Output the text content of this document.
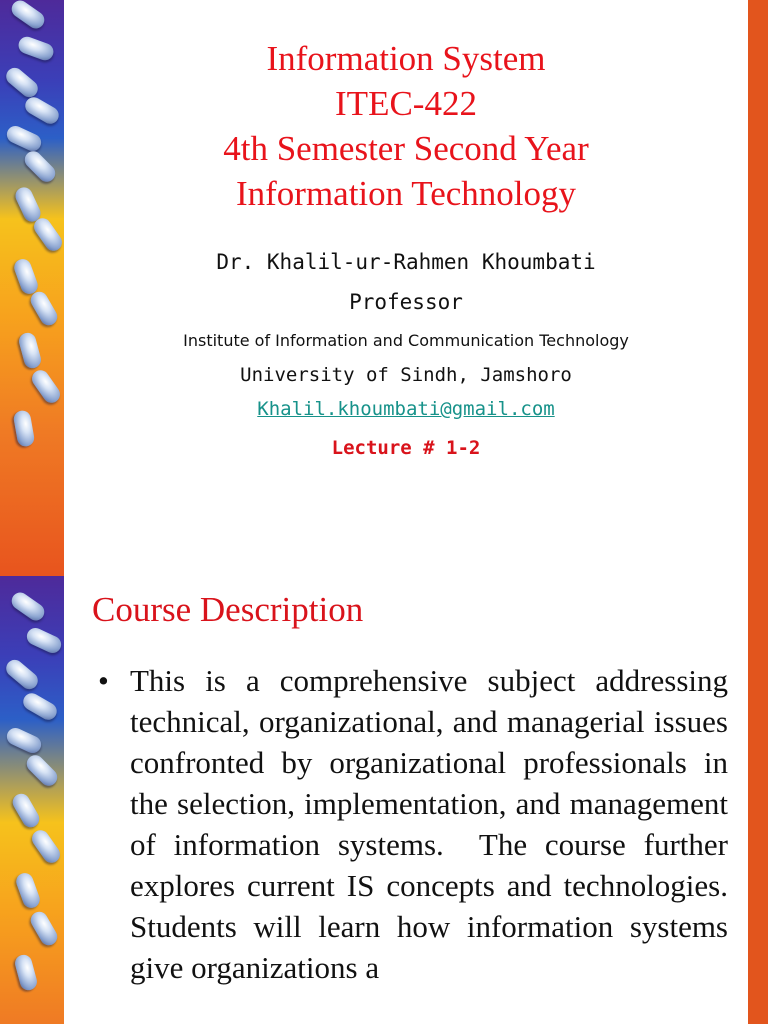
Information System
ITEC-422
4th Semester Second Year
Information Technology
Dr. Khalil-ur-Rahmen Khoumbati
Professor
Institute of Information and Communication Technology
University of Sindh, Jamshoro
Khalil.khoumbati@gmail.com
Lecture # 1-2
Course Description
• This is a comprehensive subject addressing technical, organizational, and managerial issues confronted by organizational professionals in the selection, implementation, and management of information systems.  The course further explores current IS concepts and technologies. Students will learn how information systems give organizations a
